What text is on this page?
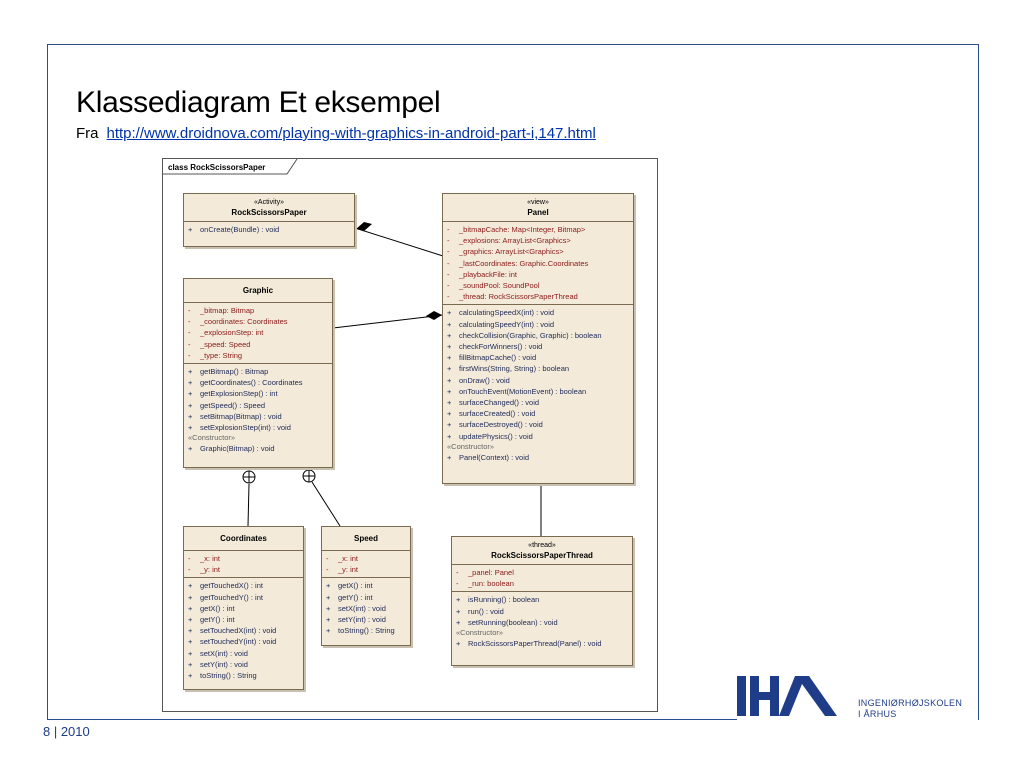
Klassediagram Et eksempel
Fra http://www.droidnova.com/playing-with-graphics-in-android-part-i,147.html
class RockScissorsPaper
«Activity»
RockScissorsPaper
+ onCreate(Bundle) : void
«view»
Panel
- _bitmapCache: Map<Integer, Bitmap>
- _explosions: ArrayList<Graphics>
- _graphics: ArrayList<Graphics>
- _lastCoordinates: Graphic.Coordinates
- _playbackFile: int
- _soundPool: SoundPool
- _thread: RockScissorsPaperThread
+ calculatingSpeedX(int) : void
+ calculatingSpeedY(int) : void
+ checkCollision(Graphic, Graphic) : boolean
+ checkForWinners() : void
+ fillBitmapCache() : void
+ firstWins(String, String) : boolean
+ onDraw() : void
+ onTouchEvent(MotionEvent) : boolean
+ surfaceChanged() : void
+ surfaceCreated() : void
+ surfaceDestroyed() : void
+ updatePhysics() : void
«Constructor»
+ Panel(Context) : void
Graphic
- _bitmap: Bitmap
- _coordinates: Coordinates
- _explosionStep: int
- _speed: Speed
- _type: String
+ getBitmap() : Bitmap
+ getCoordinates() : Coordinates
+ getExplosionStep() : int
+ getSpeed() : Speed
+ setBitmap(Bitmap) : void
+ setExplosionStep(int) : void
«Constructor»
+ Graphic(Bitmap) : void
Coordinates
- _x: int
- _y: int
+ getTouchedX() : int
+ getTouchedY() : int
+ getX() : int
+ getY() : int
+ setTouchedX(int) : void
+ setTouchedY(int) : void
+ setX(int) : void
+ setY(int) : void
+ toString() : String
Speed
- _x: int
- _y: int
+ getX() : int
+ getY() : int
+ setX(int) : void
+ setY(int) : void
+ toString() : String
«thread»
RockScissorsPaperThread
- _panel: Panel
- _run: boolean
+ isRunning() : boolean
+ run() : void
+ setRunning(boolean) : void
«Constructor»
+ RockScissorsPaperThread(Panel) : void
INGENIØRHØJSKOLEN
I ÅRHUS
8 | 2010
